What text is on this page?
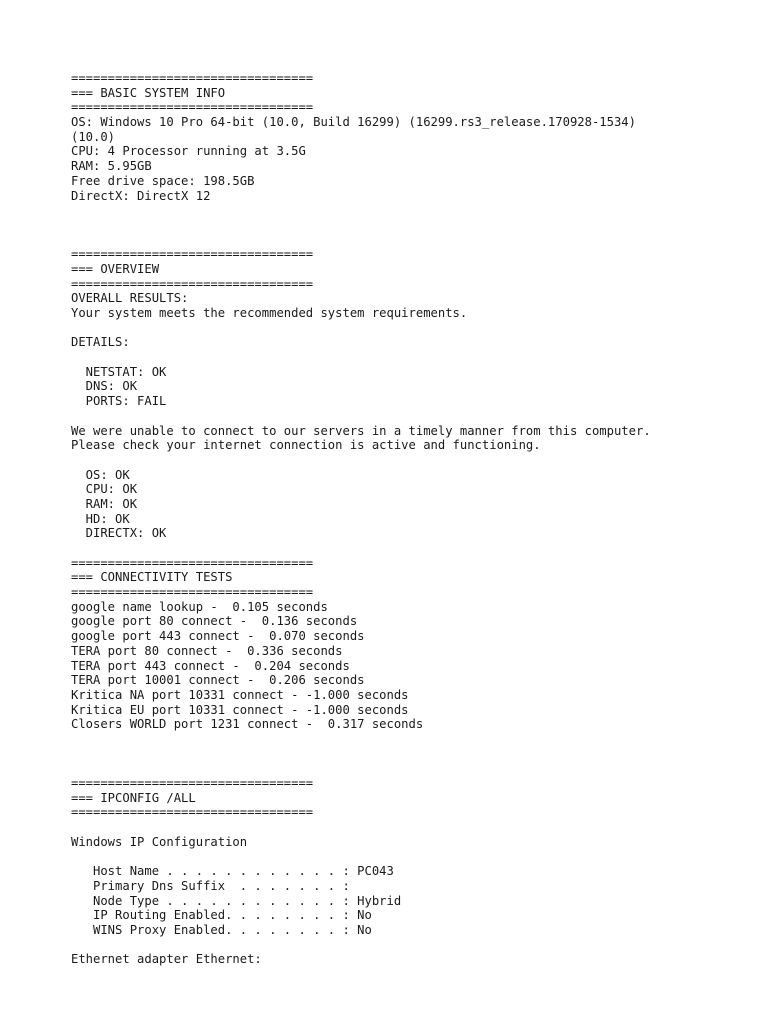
=================================
=== BASIC SYSTEM INFO
=================================
OS: Windows 10 Pro 64-bit (10.0, Build 16299) (16299.rs3_release.170928-1534)
(10.0)
CPU: 4 Processor running at 3.5G
RAM: 5.95GB
Free drive space: 198.5GB
DirectX: DirectX 12
=================================
=== OVERVIEW
=================================
OVERALL RESULTS:
Your system meets the recommended system requirements.
DETAILS:
NETSTAT: OK
DNS: OK
PORTS: FAIL
We were unable to connect to our servers in a timely manner from this computer.
Please check your internet connection is active and functioning.
OS: OK
CPU: OK
RAM: OK
HD: OK
DIRECTX: OK
=================================
=== CONNECTIVITY TESTS
=================================
google name lookup -  0.105 seconds
google port 80 connect -  0.136 seconds
google port 443 connect -  0.070 seconds
TERA port 80 connect -  0.336 seconds
TERA port 443 connect -  0.204 seconds
TERA port 10001 connect -  0.206 seconds
Kritica NA port 10331 connect - -1.000 seconds
Kritica EU port 10331 connect - -1.000 seconds
Closers WORLD port 1231 connect -  0.317 seconds
=================================
=== IPCONFIG /ALL
=================================
Windows IP Configuration
Host Name . . . . . . . . . . . . : PC043
Primary Dns Suffix  . . . . . . . :
Node Type . . . . . . . . . . . . : Hybrid
IP Routing Enabled. . . . . . . . : No
WINS Proxy Enabled. . . . . . . . : No
Ethernet adapter Ethernet:
